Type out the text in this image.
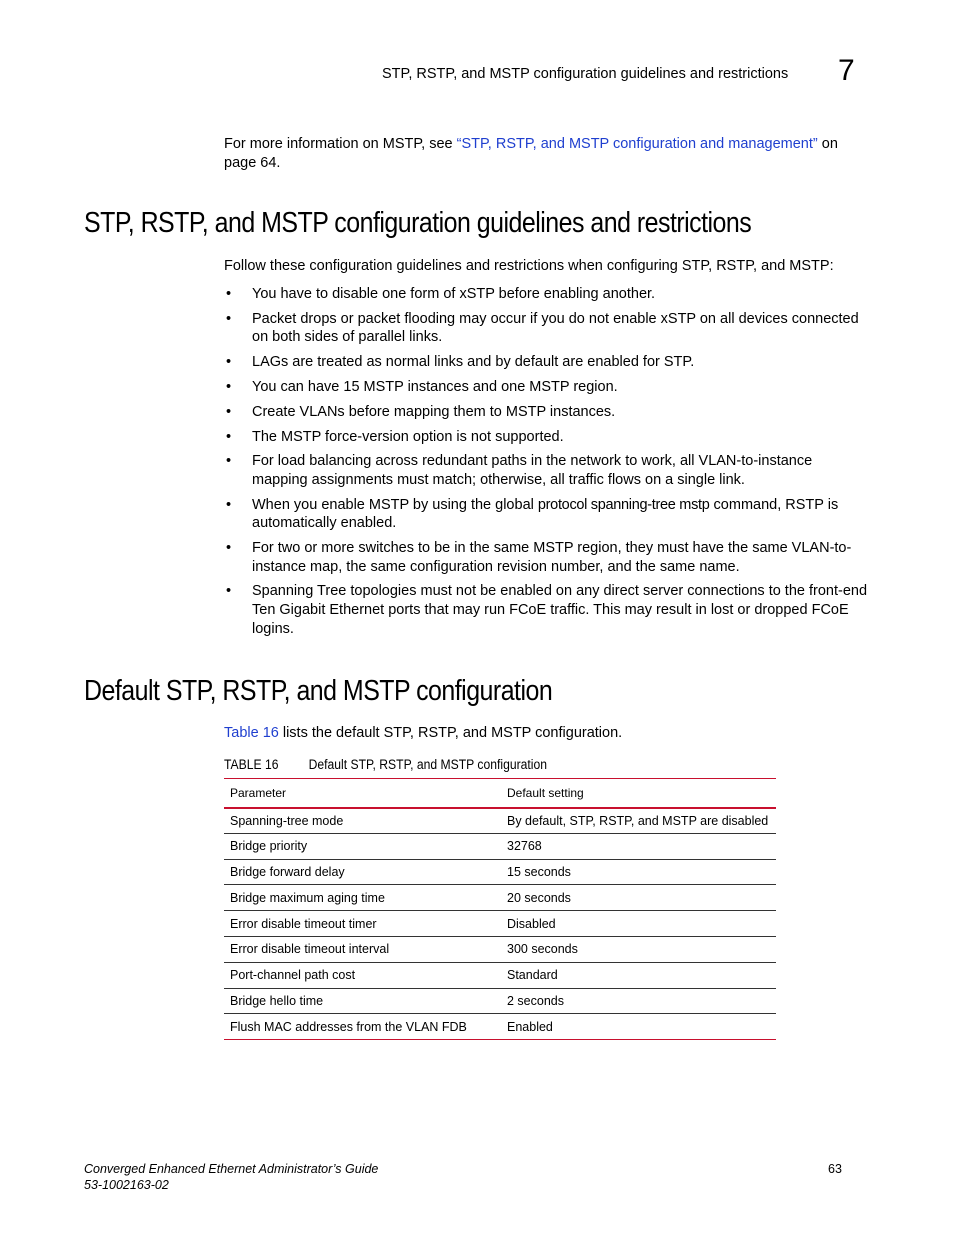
STP, RSTP, and MSTP configuration guidelines and restrictions 7
For more information on MSTP, see “STP, RSTP, and MSTP configuration and management” on page 64.
STP, RSTP, and MSTP configuration guidelines and restrictions
Follow these configuration guidelines and restrictions when configuring STP, RSTP, and MSTP:
• You have to disable one form of xSTP before enabling another.
• Packet drops or packet flooding may occur if you do not enable xSTP on all devices connected on both sides of parallel links.
• LAGs are treated as normal links and by default are enabled for STP.
• You can have 15 MSTP instances and one MSTP region.
• Create VLANs before mapping them to MSTP instances.
• The MSTP force-version option is not supported.
• For load balancing across redundant paths in the network to work, all VLAN-to-instance mapping assignments must match; otherwise, all traffic flows on a single link.
• When you enable MSTP by using the global protocol spanning-tree mstp command, RSTP is automatically enabled.
• For two or more switches to be in the same MSTP region, they must have the same VLAN-to-instance map, the same configuration revision number, and the same name.
• Spanning Tree topologies must not be enabled on any direct server connections to the front-end Ten Gigabit Ethernet ports that may run FCoE traffic. This may result in lost or dropped FCoE logins.
Default STP, RSTP, and MSTP configuration
Table 16 lists the default STP, RSTP, and MSTP configuration.
TABLE 16 Default STP, RSTP, and MSTP configuration
Parameter	Default setting
Spanning-tree mode	By default, STP, RSTP, and MSTP are disabled
Bridge priority	32768
Bridge forward delay	15 seconds
Bridge maximum aging time	20 seconds
Error disable timeout timer	Disabled
Error disable timeout interval	300 seconds
Port-channel path cost	Standard
Bridge hello time	2 seconds
Flush MAC addresses from the VLAN FDB	Enabled
Converged Enhanced Ethernet Administrator’s Guide
53-1002163-02
63
